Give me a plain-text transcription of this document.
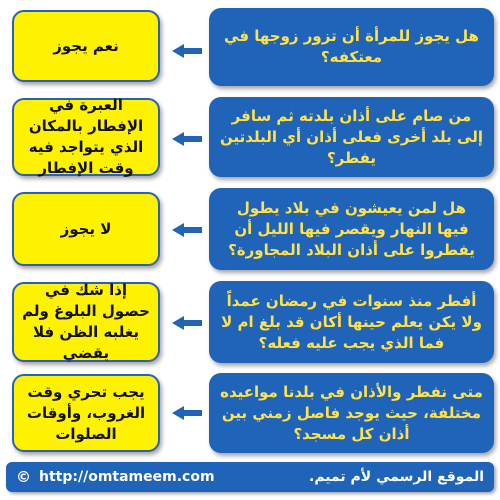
هل يجوز للمرأة أن تزور زوجها في معتكفه؟
نعم يجوز
من صام على أذان بلدته ثم سافر إلى بلد أخرى فعلى أذان أي البلدتين يفطر؟
العبرة في الإفطار بالمكان الذي يتواجد فيه وقت الإفطار
هل لمن يعيشون في بلاد يطول فيها النهار ويقصر فيها الليل أن يفطروا على أذان البلاد المجاورة؟
لا يجوز
أفطر منذ سنوات في رمضان عمداً ولا يكن يعلم حينها أكان قد بلغ ام لا فما الذي يجب عليه فعله؟
إذا شك في حصول البلوغ ولم يغلبه الظن فلا يقضي
متى نفطر والأذان في بلدنا مواعيده مختلفة، حيث يوجد فاصل زمني بين أذان كل مسجد؟
يجب تحري وقت الغروب، وأوقات الصلوات
© http://omtameem.com	الموقع الرسمي لأم تميم.
